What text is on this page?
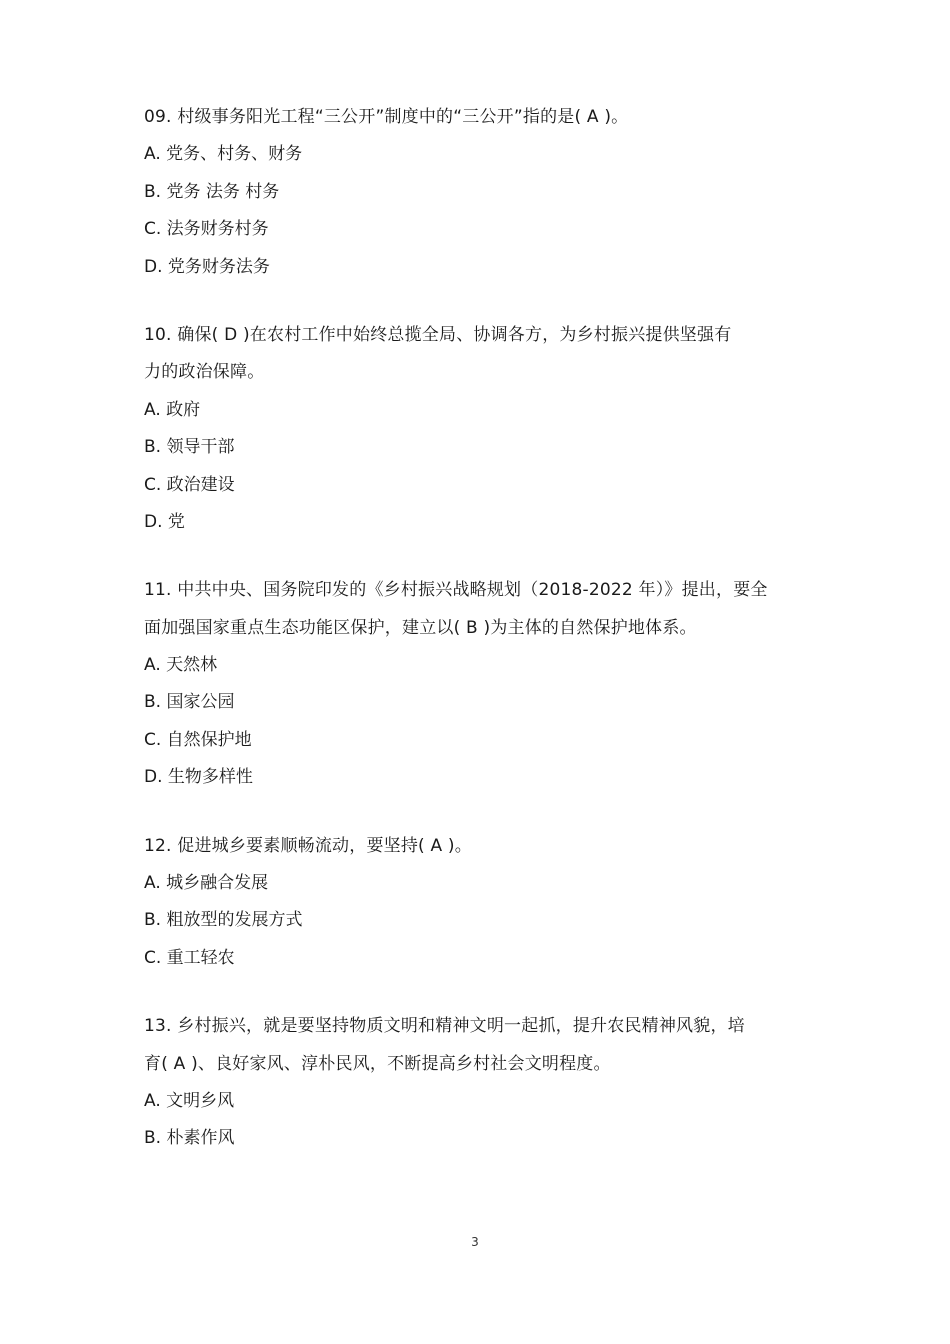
09. 村级事务阳光工程“三公开”制度中的“三公开”指的是( A )。
A. 党务、村务、财务
B. 党务 法务 村务
C. 法务财务村务
D. 党务财务法务
10. 确保( D )在农村工作中始终总揽全局、协调各方，为乡村振兴提供坚强有
力的政治保障。
A. 政府
B. 领导干部
C. 政治建设
D. 党
11. 中共中央、国务院印发的《乡村振兴战略规划（2018-2022 年）》提出，要全
面加强国家重点生态功能区保护，建立以( B )为主体的自然保护地体系。
A. 天然林
B. 国家公园
C. 自然保护地
D. 生物多样性
12. 促进城乡要素顺畅流动，要坚持( A )。
A. 城乡融合发展
B. 粗放型的发展方式
C. 重工轻农
13. 乡村振兴，就是要坚持物质文明和精神文明一起抓，提升农民精神风貌，培
育( A )、良好家风、淳朴民风，不断提高乡村社会文明程度。
A. 文明乡风
B. 朴素作风
3
